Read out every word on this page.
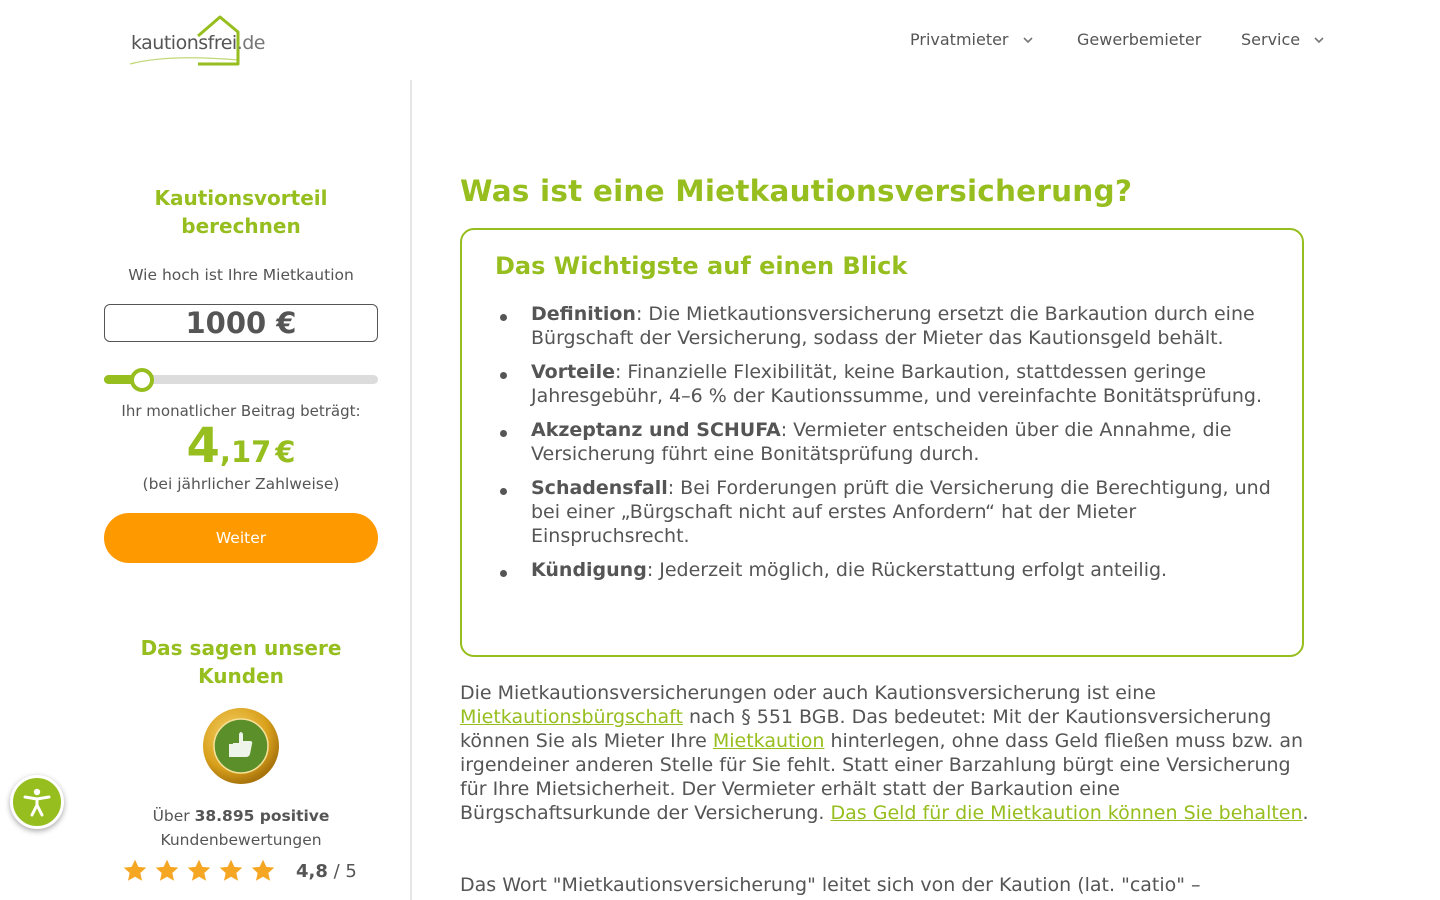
kautionsfrei.de	Privatmieter	Gewerbemieter Service
Kautionsvorteil
berechnen
Wie hoch ist Ihre Mietkaution
1000 €
Ihr monatlicher Beitrag beträgt:
4,17 €
(bei jährlicher Zahlweise)
Weiter
Das sagen unsere
Kunden
Über 38.895 positive
Kundenbewertungen
4,8 / 5
Was ist eine Mietkautionsversicherung?
Das Wichtigste auf einen Blick
Definition: Die Mietkautionsversicherung ersetzt die Barkaution durch eine Bürgschaft der Versicherung, sodass der Mieter das Kautionsgeld behält.
Vorteile: Finanzielle Flexibilität, keine Barkaution, stattdessen geringe Jahresgebühr, 4–6 % der Kautionssumme, und vereinfachte Bonitätsprüfung.
Akzeptanz und SCHUFA: Vermieter entscheiden über die Annahme, die Versicherung führt eine Bonitätsprüfung durch.
Schadensfall: Bei Forderungen prüft die Versicherung die Berechtigung, und bei einer „Bürgschaft nicht auf erstes Anfordern“ hat der Mieter Einspruchsrecht.
Kündigung: Jederzeit möglich, die Rückerstattung erfolgt anteilig.

Die Mietkautionsversicherungen oder auch Kautionsversicherung ist eine Mietkautionsbürgschaft nach § 551 BGB. Das bedeutet: Mit der Kautionsversicherung können Sie als Mieter Ihre Mietkaution hinterlegen, ohne dass Geld fließen muss bzw. an irgendeiner anderen Stelle für Sie fehlt. Statt einer Barzahlung bürgt eine Versicherung für Ihre Mietsicherheit. Der Vermieter erhält statt der Barkaution eine Bürgschaftsurkunde der Versicherung. Das Geld für die Mietkaution können Sie behalten.

Das Wort "Mietkautionsversicherung" leitet sich von der Kaution (lat. "catio" –
